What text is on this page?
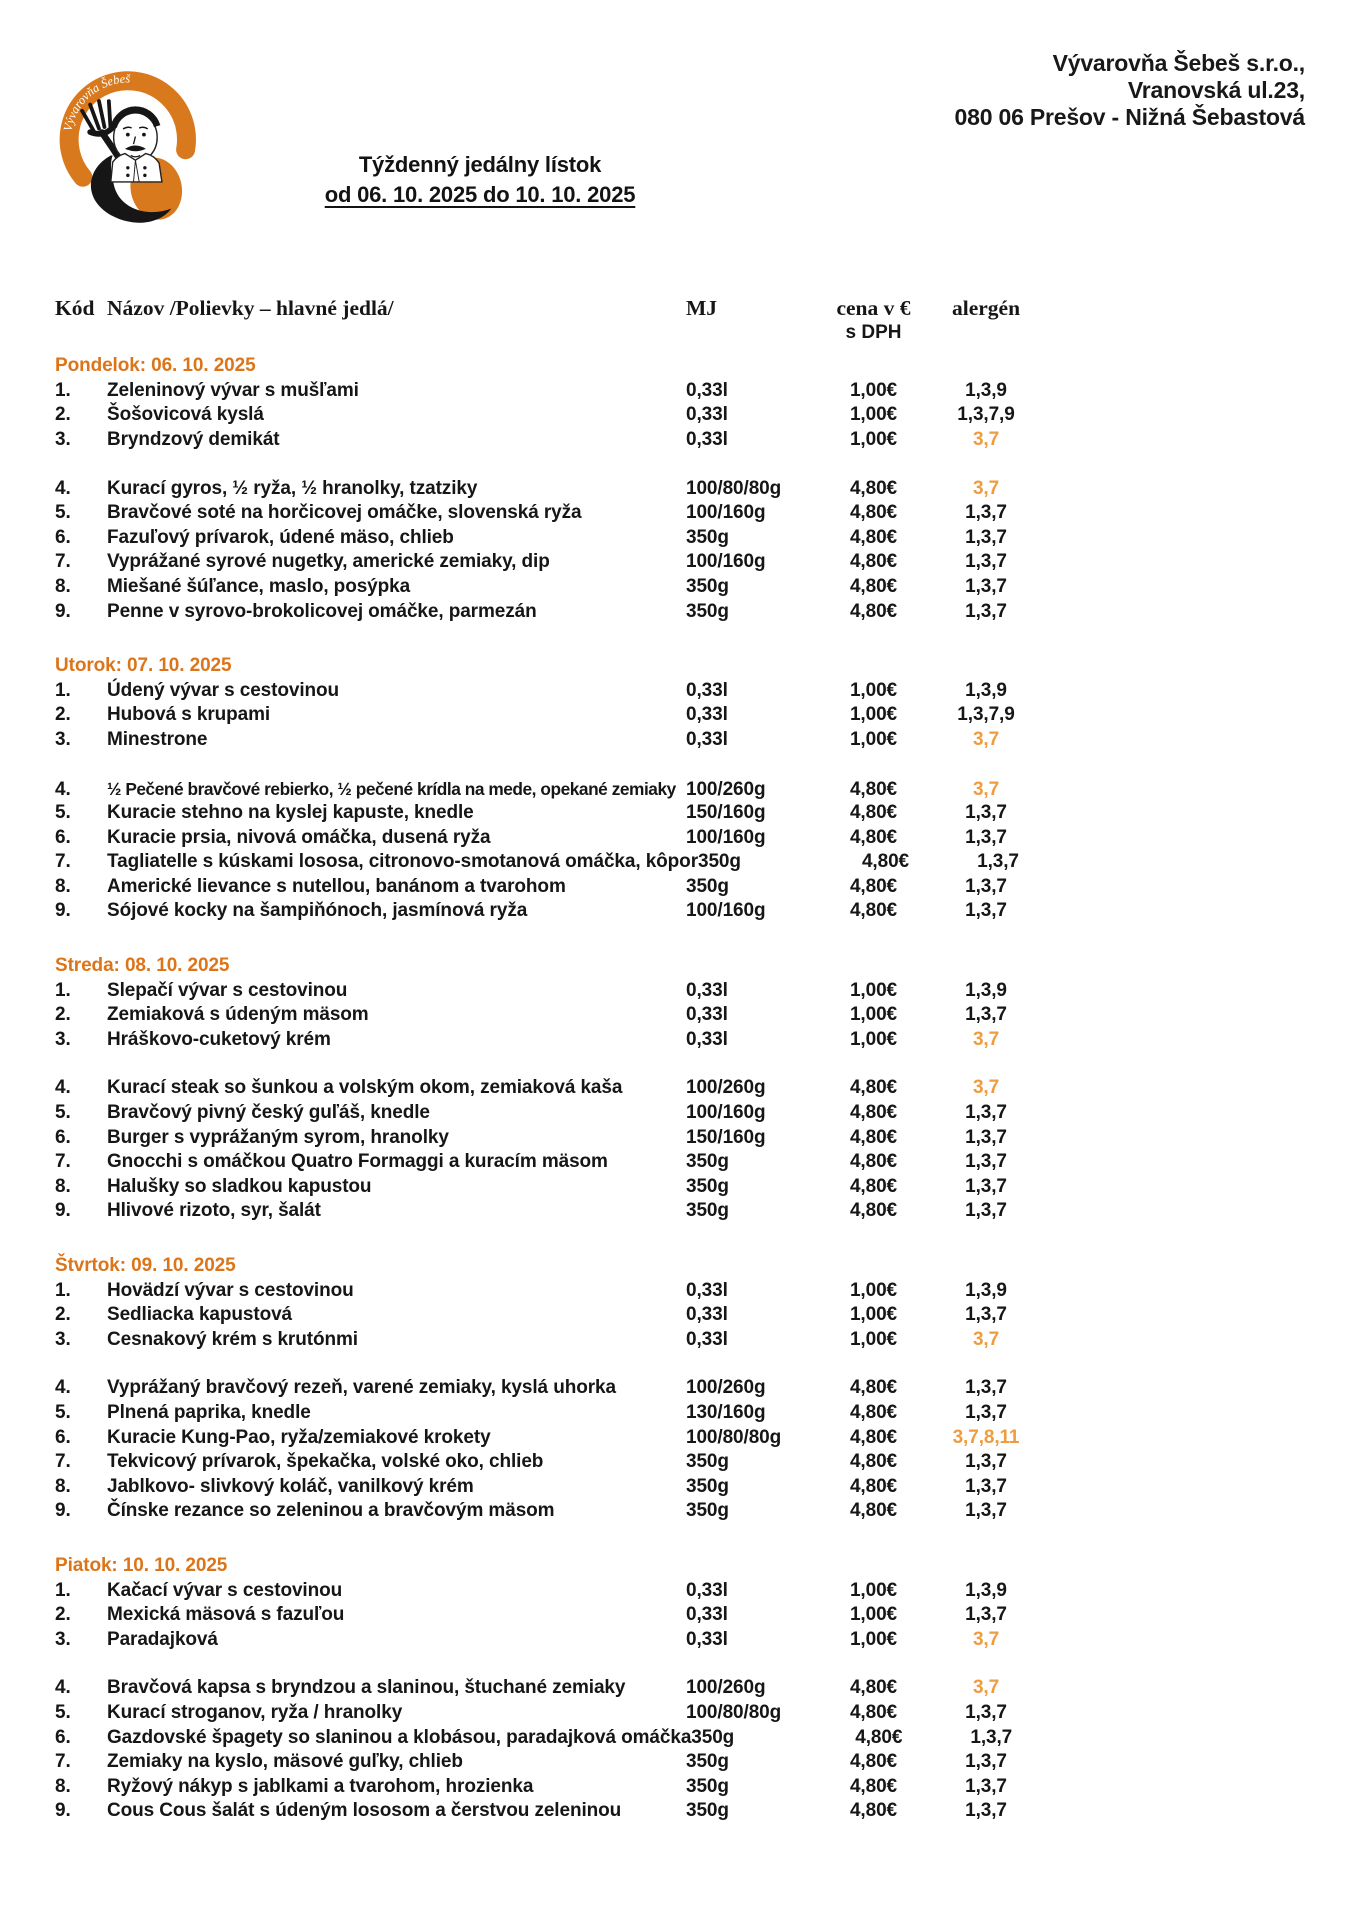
Vývarovňa Šebeš
Vývarovňa Šebeš s.r.o.,
Vranovská ul.23,
080 06 Prešov - Nižná Šebastová
Týždenný jedálny lístok
od 06. 10. 2025 do 10. 10. 2025
Kód Názov /Polievky – hlavné jedlá/	MJ	cena v €	alergén
s DPH
Pondelok: 06. 10. 2025
1.	Zeleninový vývar s mušľami	0,33l	1,00€	1,3,9
2.	Šošovicová kyslá	0,33l	1,00€	1,3,7,9
3.	Bryndzový demikát	0,33l	1,00€	3,7
4.	Kurací gyros, ½ ryža, ½ hranolky, tzatziky	100/80/80g	4,80€	3,7
5.	Bravčové soté na horčicovej omáčke, slovenská ryža	100/160g	4,80€	1,3,7
6.	Fazuľový prívarok, údené mäso, chlieb	350g	4,80€	1,3,7
7.	Vyprážané syrové nugetky, americké zemiaky, dip	100/160g	4,80€	1,3,7
8.	Miešané šúľance, maslo, posýpka	350g	4,80€	1,3,7
9.	Penne v syrovo-brokolicovej omáčke, parmezán	350g	4,80€	1,3,7
Utorok: 07. 10. 2025
1.	Údený vývar s cestovinou	0,33l	1,00€	1,3,9
2.	Hubová s krupami	0,33l	1,00€	1,3,7,9
3.	Minestrone	0,33l	1,00€	3,7
4.	½ Pečené bravčové rebierko, ½ pečené krídla na mede, opekané zemiaky 100/260g	4,80€	3,7
5.	Kuracie stehno na kyslej kapuste, knedle	150/160g	4,80€	1,3,7
6.	Kuracie prsia, nivová omáčka, dusená ryža	100/160g	4,80€	1,3,7
7.	Tagliatelle s kúskami lososa, citronovo-smotanová omáčka, kôpor 350g	4,80€	1,3,7
8.	Americké lievance s nutellou, banánom a tvarohom	350g	4,80€	1,3,7
9.	Sójové kocky na šampiňónoch, jasmínová ryža	100/160g	4,80€	1,3,7
Streda: 08. 10. 2025
1.	Slepačí vývar s cestovinou	0,33l	1,00€	1,3,9
2.	Zemiaková s údeným mäsom	0,33l	1,00€	1,3,7
3.	Hráškovo-cuketový krém	0,33l	1,00€	3,7
4.	Kurací steak so šunkou a volským okom, zemiaková kaša	100/260g	4,80€	3,7
5.	Bravčový pivný český guľáš, knedle	100/160g	4,80€	1,3,7
6.	Burger s vyprážaným syrom, hranolky	150/160g	4,80€	1,3,7
7.	Gnocchi s omáčkou Quatro Formaggi a kuracím mäsom	350g	4,80€	1,3,7
8.	Halušky so sladkou kapustou	350g	4,80€	1,3,7
9.	Hlivové rizoto, syr, šalát	350g	4,80€	1,3,7
Štvrtok: 09. 10. 2025
1.	Hovädzí vývar s cestovinou	0,33l	1,00€	1,3,9
2.	Sedliacka kapustová	0,33l	1,00€	1,3,7
3.	Cesnakový krém s krutónmi	0,33l	1,00€	3,7
4.	Vyprážaný bravčový rezeň, varené zemiaky, kyslá uhorka	100/260g	4,80€	1,3,7
5.	Plnená paprika, knedle	130/160g	4,80€	1,3,7
6.	Kuracie Kung-Pao, ryža/zemiakové krokety	100/80/80g	4,80€	3,7,8,11
7.	Tekvicový prívarok, špekačka, volské oko, chlieb	350g	4,80€	1,3,7
8.	Jablkovo- slivkový koláč, vanilkový krém	350g	4,80€	1,3,7
9.	Čínske rezance so zeleninou a bravčovým mäsom	350g	4,80€	1,3,7
Piatok: 10. 10. 2025
1.	Kačací vývar s cestovinou	0,33l	1,00€	1,3,9
2.	Mexická mäsová s fazuľou	0,33l	1,00€	1,3,7
3.	Paradajková	0,33l	1,00€	3,7
4.	Bravčová kapsa s bryndzou a slaninou, štuchané zemiaky	100/260g	4,80€	3,7
5.	Kurací stroganov, ryža / hranolky	100/80/80g	4,80€	1,3,7
6.	Gazdovské špagety so slaninou a klobásou, paradajková omáčka 350g	4,80€	1,3,7
7.	Zemiaky na kyslo, mäsové guľky, chlieb	350g	4,80€	1,3,7
8.	Ryžový nákyp s jablkami a tvarohom, hrozienka	350g	4,80€	1,3,7
9.	Cous Cous šalát s údeným lososom a čerstvou zeleninou	350g	4,80€	1,3,7
